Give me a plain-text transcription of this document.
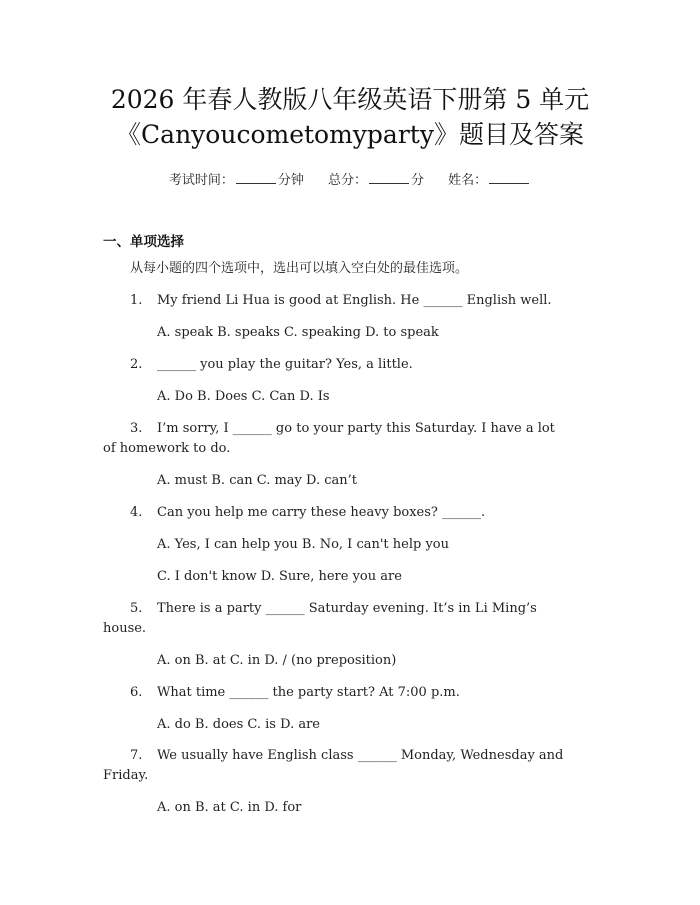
2026 年春人教版八年级英语下册第 5 单元
《Canyoucometomyparty》题目及答案
考试时间：	分钟 总分：	分 姓名：
一、单项选择
从每小题的四个选项中，选出可以填入空白处的最佳选项。
1. My friend Li Hua is good at English. He ______ English well.
A. speak B. speaks C. speaking D. to speak
2. ______ you play the guitar? Yes, a little.
A. Do B. Does C. Can D. Is
3. I’m sorry, I ______ go to your party this Saturday. I have a lot
of homework to do.
A. must B. can C. may D. can’t
4. Can you help me carry these heavy boxes? ______.
A. Yes, I can help you B. No, I can't help you
C. I don't know D. Sure, here you are
5. There is a party ______ Saturday evening. It’s in Li Ming’s
house.
A. on B. at C. in D. / (no preposition)
6. What time ______ the party start? At 7:00 p.m.
A. do B. does C. is D. are
7. We usually have English class ______ Monday, Wednesday and
Friday.
A. on B. at C. in D. for
